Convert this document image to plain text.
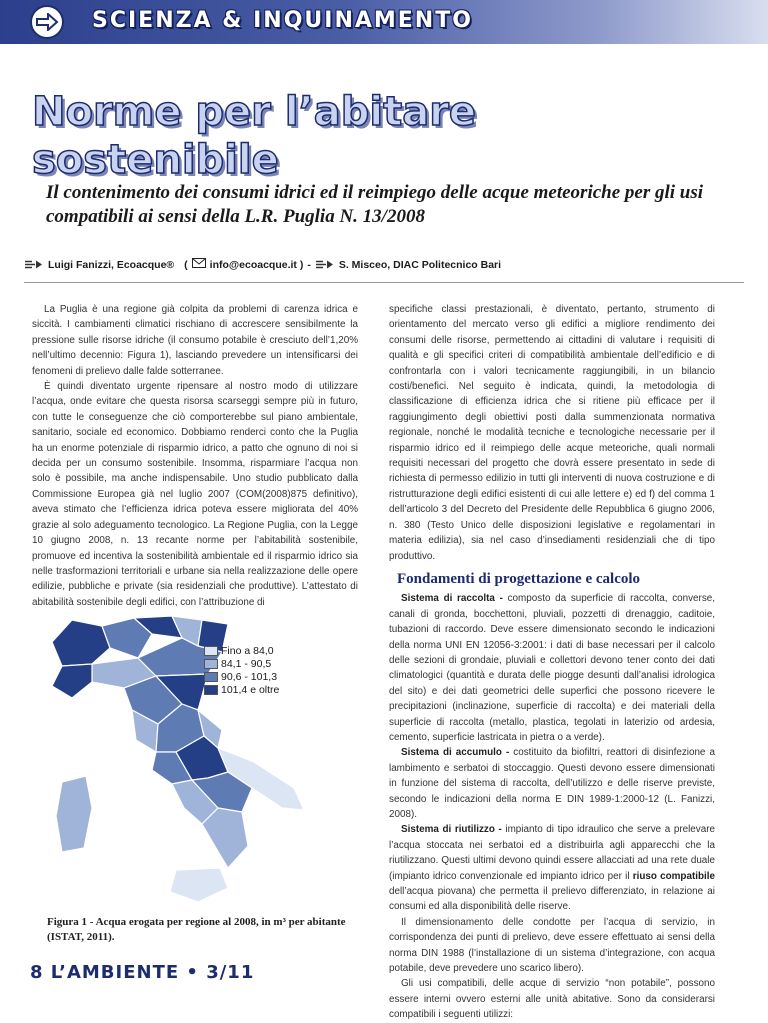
SCIENZA & INQUINAMENTO
Norme per l’abitare sostenibile
Il contenimento dei consumi idrici ed il reimpiego delle acque meteoriche per gli usi compatibili ai sensi della L.R. Puglia N. 13/2008
Luigi Fanizzi, Ecoacque® ( info@ecoacque.it ) -	S. Misceo, DIAC Politecnico Bari

La Puglia è una regione già colpita da problemi di carenza idrica e siccità. I cambiamenti climatici rischiano di accrescere sensibilmente la pressione sulle risorse idriche (il consumo potabile è cresciuto dell’1,20% nell’ultimo decennio: Figura 1), lasciando prevedere un intensificarsi dei fenomeni di prelievo dalle falde sotterranee.

È quindi diventato urgente ripensare al nostro modo di utilizzare l’acqua, onde evitare che questa risorsa scarseggi sempre più in futuro, con tutte le conseguenze che ciò comporterebbe sul piano ambientale, sanitario, sociale ed economico. Dobbiamo renderci conto che la Puglia ha un enorme potenziale di risparmio idrico, a patto che ognuno di noi si decida per un consumo sostenibile. Insomma, risparmiare l’acqua non solo è possibile, ma anche indispensabile. Uno studio pubblicato dalla Commissione Europea già nel luglio 2007 (COM(2008)875 definitivo), aveva stimato che l’efficienza idrica poteva essere migliorata del 40% grazie al solo adeguamento tecnologico. La Regione Puglia, con la Legge 10 giugno 2008, n. 13 recante norme per l’abitabilità sostenibile, promuove ed incentiva la sostenibilità ambientale ed il risparmio idrico sia nelle trasformazioni territoriali e urbane sia nella realizzazione delle opere edilizie, pubbliche e private (sia residenziali che produttive). L’attestato di abitabilità sostenibile degli edifici, con l’attribuzione di

Fino a 84,0
84,1 - 90,5
90,6 - 101,3
101,4 e oltre
Figura 1 - Acqua erogata per regione al 2008, in m³ per abitante (ISTAT, 2011).

specifiche classi prestazionali, è diventato, pertanto, strumento di orientamento del mercato verso gli edifici a migliore rendimento dei consumi delle risorse, permettendo ai cittadini di valutare i requisiti di qualità e gli specifici criteri di compatibilità ambientale dell’edificio e di confrontarla con i valori tecnicamente raggiungibili, in un bilancio costi/benefici. Nel seguito è indicata, quindi, la metodologia di classificazione di efficienza idrica che si ritiene più efficace per il raggiungimento degli obiettivi posti dalla summenzionata normativa regionale, nonché le modalità tecniche e tecnologiche necessarie per il risparmio idrico ed il reimpiego delle acque meteoriche, quali normali requisiti necessari del progetto che dovrà essere presentato in sede di richiesta di permesso edilizio in tutti gli interventi di nuova costruzione e di ristrutturazione degli edifici esistenti di cui alle lettere e) ed f) del comma 1 dell’articolo 3 del Decreto del Presidente delle Repubblica 6 giugno 2006, n. 380 (Testo Unico delle disposizioni legislative e regolamentari in materia edilizia), sia nel caso d’insediamenti residenziali che di tipo produttivo.

Fondamenti di progettazione e calcolo

Sistema di raccolta - composto da superficie di raccolta, converse, canali di gronda, bocchettoni, pluviali, pozzetti di drenaggio, caditoie, tubazioni di raccordo. Deve essere dimensionato secondo le indicazioni della norma UNI EN 12056-3:2001: i dati di base necessari per il calcolo delle sezioni di grondaie, pluviali e collettori devono tener conto dei dati climatologici (quantità e durata delle piogge desunti dall’analisi idrologica del sito) e dei dati geometrici delle superfici che possono ricevere le precipitazioni (inclinazione, superficie di raccolta) e dei materiali della superficie di raccolta (metallo, plastica, tegolati in laterizio od ardesia, cemento, superficie lastricata in pietra o a verde).

Sistema di accumulo - costituito da biofiltri, reattori di disinfezione a lambimento e serbatoi di stoccaggio. Questi devono essere dimensionati in funzione del sistema di raccolta, dell’utilizzo e delle riserve previste, secondo le indicazioni della norma E DIN 1989-1:2000-12 (L. Fanizzi, 2008).

Sistema di riutilizzo - impianto di tipo idraulico che serve a prelevare l’acqua stoccata nei serbatoi ed a distribuirla agli apparecchi che la riutilizzano. Questi ultimi devono quindi essere allacciati ad una rete duale (impianto idrico convenzionale ed impianto idrico per il riuso compatibile dell’acqua piovana) che permetta il prelievo differenziato, in relazione ai consumi ed alla disponibilità delle riserve.

Il dimensionamento delle condotte per l’acqua di servizio, in corrispondenza dei punti di prelievo, deve essere effettuato ai sensi della norma DIN 1988 (l’installazione di un sistema d’integrazione, con acqua potabile, deve prevedere uno scarico libero).

Gli usi compatibili, delle acque di servizio “non potabile”, possono essere interni ovvero esterni alle unità abitative. Sono da considerarsi compatibili i seguenti utilizzi:

8 L’AMBIENTE • 3/11
